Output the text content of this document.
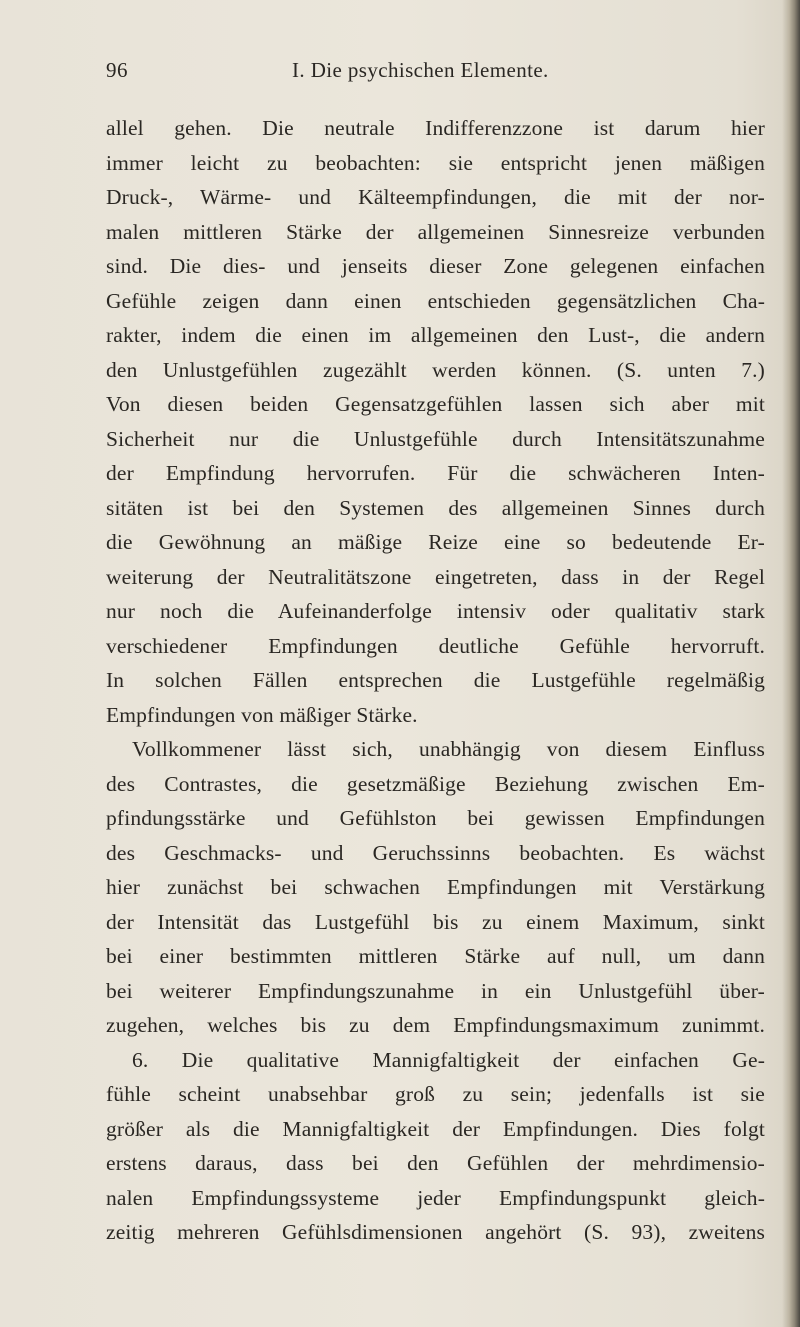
96	I. Die psychischen Elemente.
allel gehen. Die neutrale Indifferenzzone ist darum hier
immer leicht zu beobachten: sie entspricht jenen mäßigen
Druck-, Wärme- und Kälteempfindungen, die mit der nor-
malen mittleren Stärke der allgemeinen Sinnesreize verbunden
sind. Die dies- und jenseits dieser Zone gelegenen einfachen
Gefühle zeigen dann einen entschieden gegensätzlichen Cha-
rakter, indem die einen im allgemeinen den Lust-, die andern
den Unlustgefühlen zugezählt werden können. (S. unten 7.)
Von diesen beiden Gegensatzgefühlen lassen sich aber mit
Sicherheit nur die Unlustgefühle durch Intensitätszunahme
der Empfindung hervorrufen. Für die schwächeren Inten-
sitäten ist bei den Systemen des allgemeinen Sinnes durch
die Gewöhnung an mäßige Reize eine so bedeutende Er-
weiterung der Neutralitätszone eingetreten, dass in der Regel
nur noch die Aufeinanderfolge intensiv oder qualitativ stark
verschiedener Empfindungen deutliche Gefühle hervorruft.
In solchen Fällen entsprechen die Lustgefühle regelmäßig
Empfindungen von mäßiger Stärke.
Vollkommener lässt sich, unabhängig von diesem Einfluss
des Contrastes, die gesetzmäßige Beziehung zwischen Em-
pfindungsstärke und Gefühlston bei gewissen Empfindungen
des Geschmacks- und Geruchssinns beobachten. Es wächst
hier zunächst bei schwachen Empfindungen mit Verstärkung
der Intensität das Lustgefühl bis zu einem Maximum, sinkt
bei einer bestimmten mittleren Stärke auf null, um dann
bei weiterer Empfindungszunahme in ein Unlustgefühl über-
zugehen, welches bis zu dem Empfindungsmaximum zunimmt.
6. Die qualitative Mannigfaltigkeit der einfachen Ge-
fühle scheint unabsehbar groß zu sein; jedenfalls ist sie
größer als die Mannigfaltigkeit der Empfindungen. Dies folgt
erstens daraus, dass bei den Gefühlen der mehrdimensio-
nalen Empfindungssysteme jeder Empfindungspunkt gleich-
zeitig mehreren Gefühlsdimensionen angehört (S. 93), zweitens
